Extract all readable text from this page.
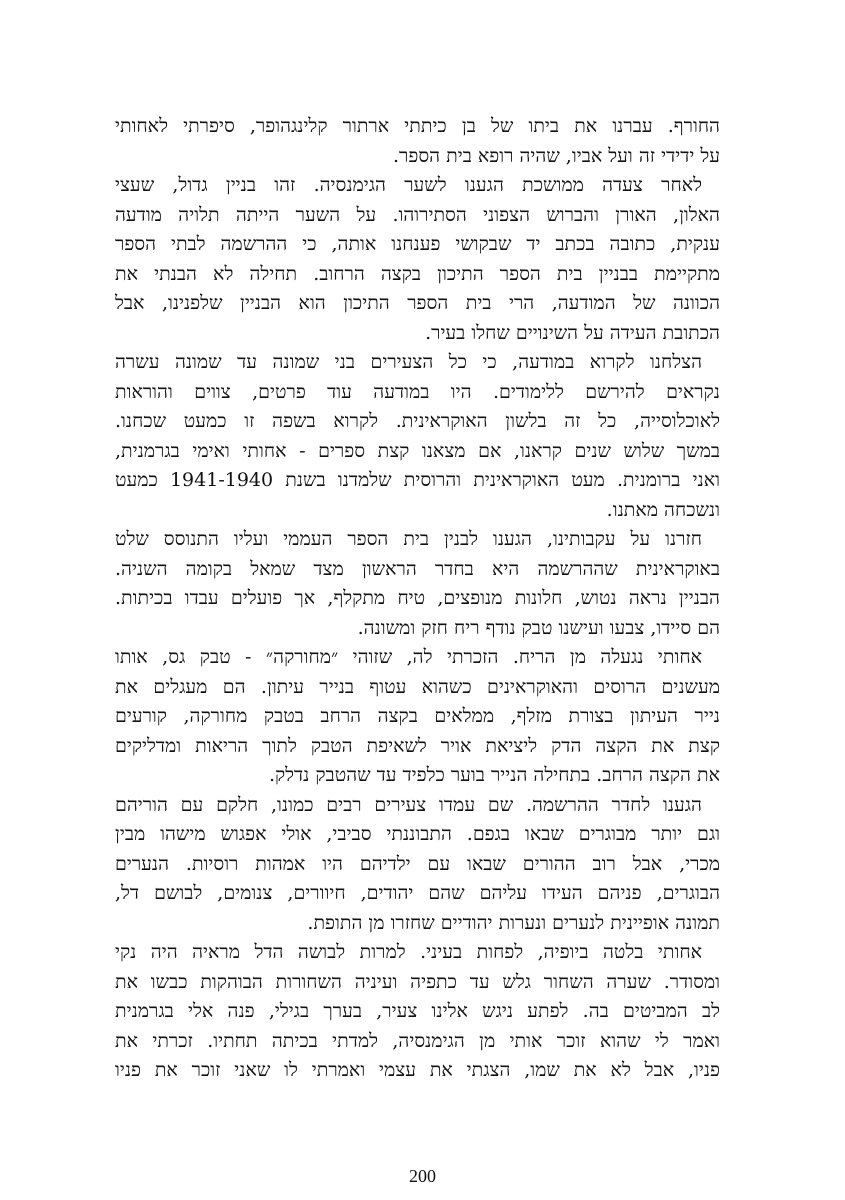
החורף. עברנו את ביתו של בן כיתתי ארתור קלינגהופר, סיפרתי לאחותי
על ידידי זה ועל אביו, שהיה רופא בית הספר.
לאחר צעדה ממושכת הגענו לשער הגימנסיה. זהו בניין גדול, שעצי
האלון, האורן והברוש הצפוני הסתירוהו. על השער הייתה תלויה מודעה
ענקית, כתובה בכתב יד שבקושי פענחנו אותה, כי ההרשמה לבתי הספר
מתקיימת בבניין בית הספר התיכון בקצה הרחוב. תחילה לא הבנתי את
הכוונה של המודעה, הרי בית הספר התיכון הוא הבניין שלפנינו, אבל
הכתובת העידה על השינויים שחלו בעיר.
הצלחנו לקרוא במודעה, כי כל הצעירים בני שמונה עד שמונה עשרה
נקראים להירשם ללימודים. היו במודעה עוד פרטים, צווים והוראות
לאוכלוסייה, כל זה בלשון האוקראינית. לקרוא בשפה זו כמעט שכחנו.
במשך שלוש שנים קראנו, אם מצאנו קצת ספרים - אחותי ואימי בגרמנית,
ואני ברומנית. מעט האוקראינית והרוסית שלמדנו בשנת 1941-1940 כמעט
ונשכחה מאתנו.
חזרנו על עקבותינו, הגענו לבנין בית הספר העממי ועליו התנוסס שלט
באוקראינית שההרשמה היא בחדר הראשון מצד שמאל בקומה השניה.
הבניין נראה נטוש, חלונות מנופצים, טיח מתקלף, אך פועלים עבדו בכיתות.
הם סיידו, צבעו ועישנו טבק נודף ריח חזק ומשונה.
אחותי נגעלה מן הריח. הזכרתי לה, שזוהי ״מחורקה״ - טבק גס, אותו
מעשנים הרוסים והאוקראינים כשהוא עטוף בנייר עיתון. הם מעגלים את
נייר העיתון בצורת מזלף, ממלאים בקצה הרחב בטבק מחורקה, קורעים
קצת את הקצה הדק ליציאת אויר לשאיפת הטבק לתוך הריאות ומדליקים
את הקצה הרחב. בתחילה הנייר בוער כלפיד עד שהטבק נדלק.
הגענו לחדר ההרשמה. שם עמדו צעירים רבים כמונו, חלקם עם הוריהם
וגם יותר מבוגרים שבאו בגפם. התבוננתי סביבי, אולי אפגוש מישהו מבין
מכרי, אבל רוב ההורים שבאו עם ילדיהם היו אמהות רוסיות. הנערים
הבוגרים, פניהם העידו עליהם שהם יהודים, חיוורים, צנומים, לבושם דל,
תמונה אופיינית לנערים ונערות יהודיים שחזרו מן התופת.
אחותי בלטה ביופיה, לפחות בעיני. למרות לבושה הדל מראיה היה נקי
ומסודר. שערה השחור גלש עד כתפיה ועיניה השחורות הבוהקות כבשו את
לב המביטים בה. לפתע ניגש אלינו צעיר, בערך בגילי, פנה אלי בגרמנית
ואמר לי שהוא זוכר אותי מן הגימנסיה, למדתי בכיתה תחתיו. זכרתי את
פניו, אבל לא את שמו, הצגתי את עצמי ואמרתי לו שאני זוכר את פניו
200
